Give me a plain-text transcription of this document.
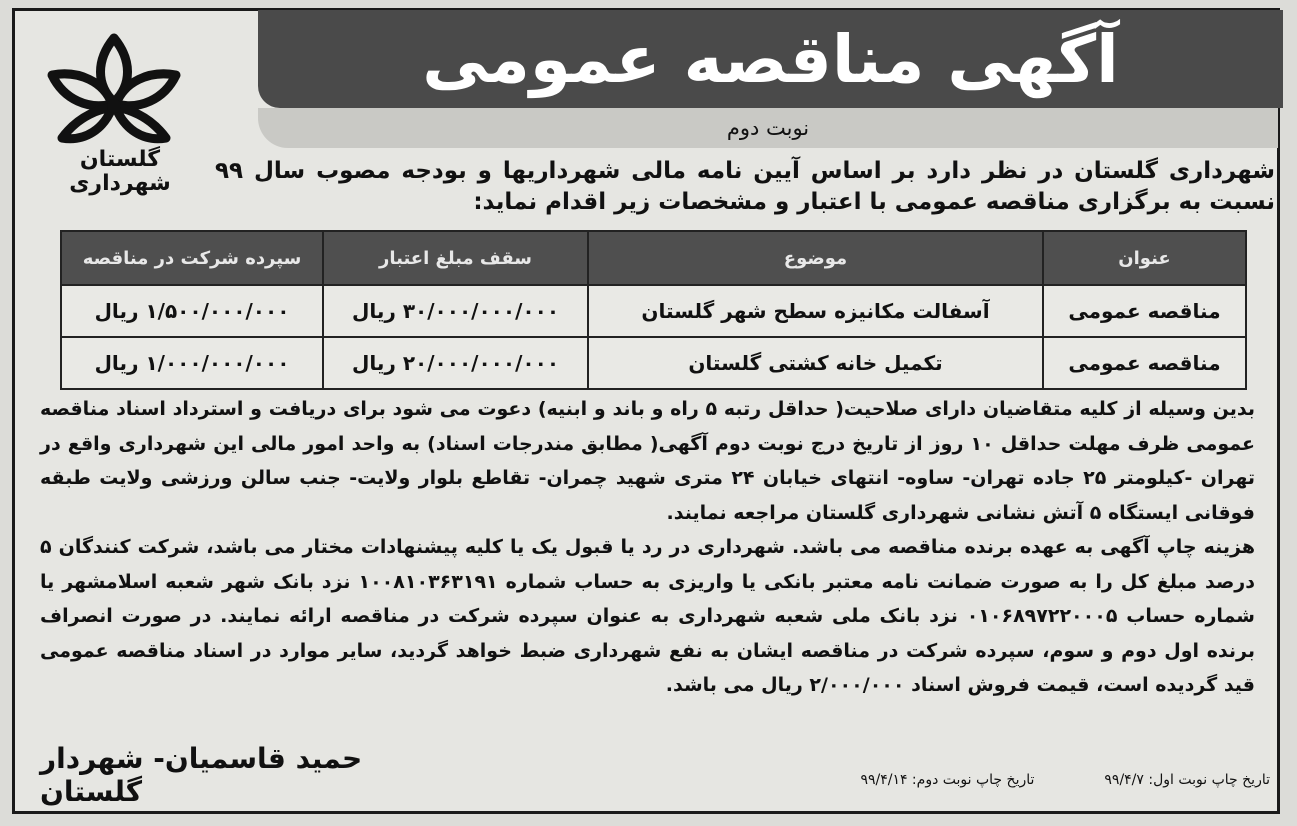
آگهی مناقصه عمومی
نوبت دوم
گلستان
شهرداری	شهرداری گلستان در نظر دارد بر اساس آیین نامه مالی شهرداریها و بودجه مصوب سال ۹۹ نسبت به برگزاری مناقصه عمومی با اعتبار و مشخصات زیر اقدام نماید:
عنوان	موضوع	سقف مبلغ اعتبار	سپرده شرکت در مناقصه
مناقصه عمومی	آسفالت مکانیزه سطح شهر گلستان	۳۰/۰۰۰/۰۰۰/۰۰۰ ریال	۱/۵۰۰/۰۰۰/۰۰۰ ریال
مناقصه عمومی	تکمیل خانه کشتی گلستان	۲۰/۰۰۰/۰۰۰/۰۰۰ ریال	۱/۰۰۰/۰۰۰/۰۰۰ ریال

بدین وسیله از کلیه متقاضیان دارای صلاحیت( حداقل رتبه ۵ راه و باند و ابنیه) دعوت می شود برای دریافت و استرداد اسناد مناقصه عمومی ظرف مهلت حداقل ۱۰ روز از تاریخ درج نوبت دوم آگهی( مطابق مندرجات اسناد) به واحد امور مالی این شهرداری واقع در تهران -کیلومتر ۲۵ جاده تهران- ساوه- انتهای خیابان ۲۴ متری شهید چمران- تقاطع بلوار ولایت- جنب سالن ورزشی ولایت طبقه فوقانی ایستگاه ۵ آتش نشانی شهرداری گلستان مراجعه نمایند.

هزینه چاپ آگهی به عهده برنده مناقصه می باشد. شهرداری در رد یا قبول یک یا کلیه پیشنهادات مختار می باشد، شرکت کنندگان ۵ درصد مبلغ کل را به صورت ضمانت نامه معتبر بانکی یا واریزی به حساب شماره ۱۰۰۸۱۰۳۶۳۱۹۱ نزد بانک شهر شعبه اسلامشهر یا شماره حساب ۰۱۰۶۸۹۷۲۲۰۰۰۵ نزد بانک ملی شعبه شهرداری به عنوان سپرده شرکت در مناقصه ارائه نمایند. در صورت انصراف برنده اول دوم و سوم، سپرده شرکت در مناقصه ایشان به نفع شهرداری ضبط خواهد گردید، سایر موارد در اسناد مناقصه عمومی قید گردیده است، قیمت فروش اسناد ۲/۰۰۰/۰۰۰ ریال می باشد.

حمید قاسمیان- شهردار گلستان	تاریخ چاپ نوبت اول: ۹۹/۴/۷
تاریخ چاپ نوبت دوم: ۹۹/۴/۱۴
